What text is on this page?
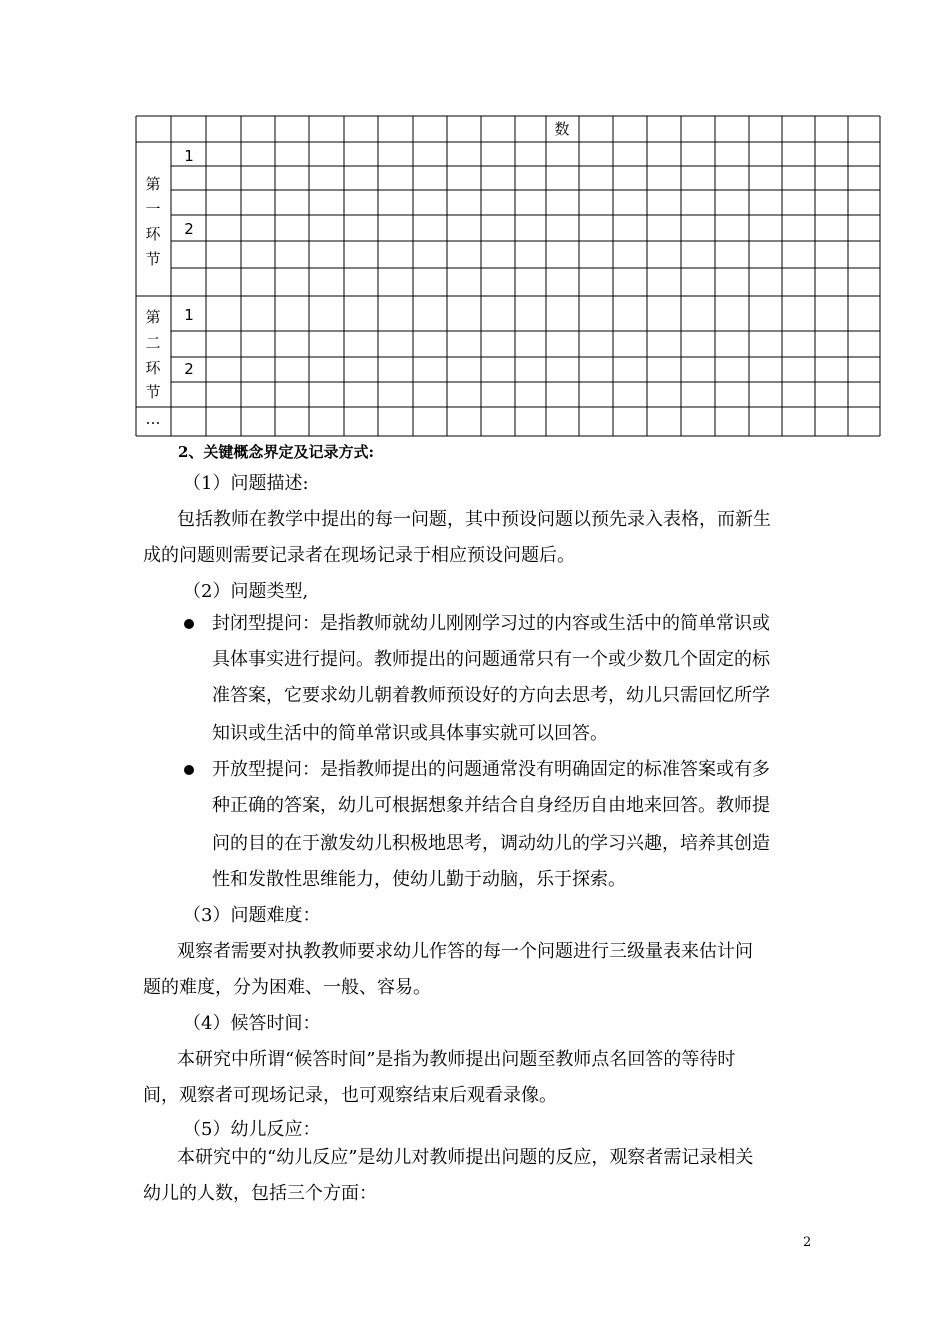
数
第
一
环
节
1
2
第
二
环
节
1
2
…
2、关键概念界定及记录方式:
（1）问题描述:
包括教师在教学中提出的每一问题，其中预设问题以预先录入表格，而新生
成的问题则需要记录者在现场记录于相应预设问题后。
（2）问题类型,
封闭型提问：是指教师就幼儿刚刚学习过的内容或生活中的简单常识或
具体事实进行提问。教师提出的问题通常只有一个或少数几个固定的标
准答案，它要求幼儿朝着教师预设好的方向去思考，幼儿只需回忆所学
知识或生活中的简单常识或具体事实就可以回答。
开放型提问：是指教师提出的问题通常没有明确固定的标准答案或有多
种正确的答案，幼儿可根据想象并结合自身经历自由地来回答。教师提
问的目的在于激发幼儿积极地思考，调动幼儿的学习兴趣，培养其创造
性和发散性思维能力，使幼儿勤于动脑，乐于探索。
（3）问题难度：
观察者需要对执教教师要求幼儿作答的每一个问题进行三级量表来估计问
题的难度，分为困难、一般、容易。
（4）候答时间：
本研究中所谓“候答时间”是指为教师提出问题至教师点名回答的等待时
间，观察者可现场记录，也可观察结束后观看录像。
（5）幼儿反应：
本研究中的“幼儿反应”是幼儿对教师提出问题的反应，观察者需记录相关
幼儿的人数，包括三个方面：
2
